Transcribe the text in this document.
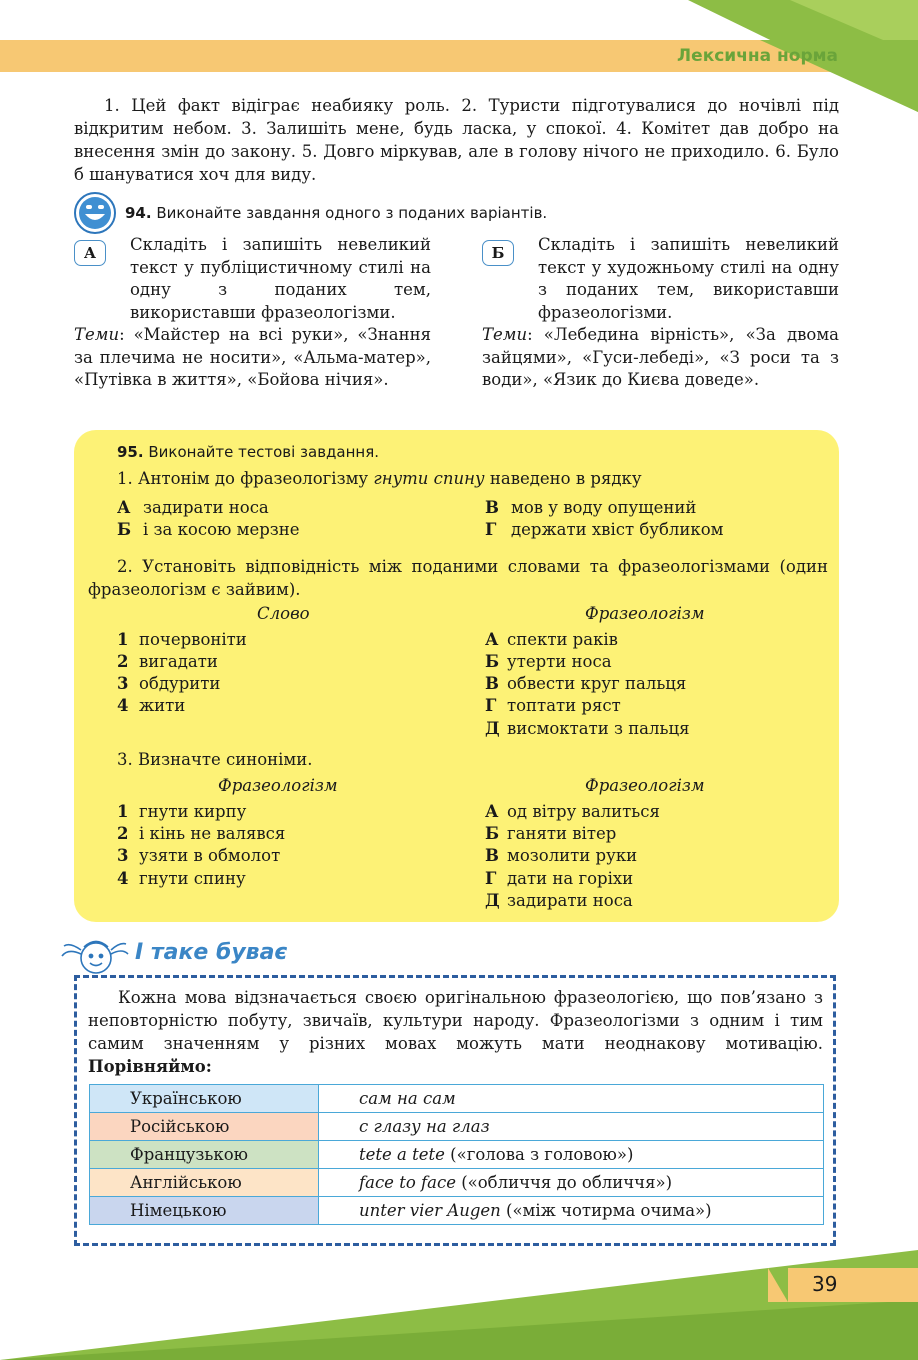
Лексична норма

1. Цей факт відіграє неабияку роль. 2. Туристи підготувалися до ночівлі під відкритим небом. 3. Залишіть мене, будь ласка, у спокої. 4. Комітет дав добро на внесення змін до закону. 5. Довго міркував, але в голову нічого не приходило. 6. Було б шануватися хоч для виду.

94. Виконайте завдання одного з поданих варіантів.
А	Складіть і запишіть невеликий текст у публіцистичному стилі на одну з поданих тем, використавши фразеологізми.

Теми: «Майстер на всі руки», «Знання за плечима не носити», «Альма-матер», «Путівка в життя», «Бойова нічия».

Б	Складіть і запишіть невеликий текст у художньому стилі на одну з поданих тем, використавши фразеологізми.

Теми: «Лебедина вірність», «За двома зайцями», «Гуси-лебеді», «З роси та з води», «Язик до Києва доведе».

95. Виконайте тестові завдання.
1. Антонім до фразеологізму гнути спину наведено в рядку
А задирати носа
Б і за косою мерзне
В мов у воду опущений
Г держати хвіст бубликом

2. Установіть відповідність між поданими словами та фразеологізмами (один фразеологізм є зайвим).

Слово	Фразеологізм
1 почервоніти
2 вигадати
3 обдурити
4 жити
А спекти раків
Б утерти носа
В обвести круг пальця
Г топтати ряст
Д висмоктати з пальця
3. Визначте синоніми.
Фразеологізм	Фразеологізм
1 гнути кирпу
2 і кінь не валявся
3 узяти в обмолот
4 гнути спину
А од вітру валиться
Б ганяти вітер
В мозолити руки
Г дати на горіхи
Д задирати носа
І таке буває

Кожна мова відзначається своєю оригінальною фразеологією, що пов’язано з неповторністю побуту, звичаїв, культури народу. Фразеологізми з одним і тим самим значенням у різних мовах можуть мати неоднакову мотивацію. Порівняймо:

Українською	сам на сам
Російською	с глазу на глаз
Французькою	tete a tete («голова з головою»)
Англійською	face to face («обличчя до обличчя»)
Німецькою	unter vier Augen («між чотирма очима»)
39
